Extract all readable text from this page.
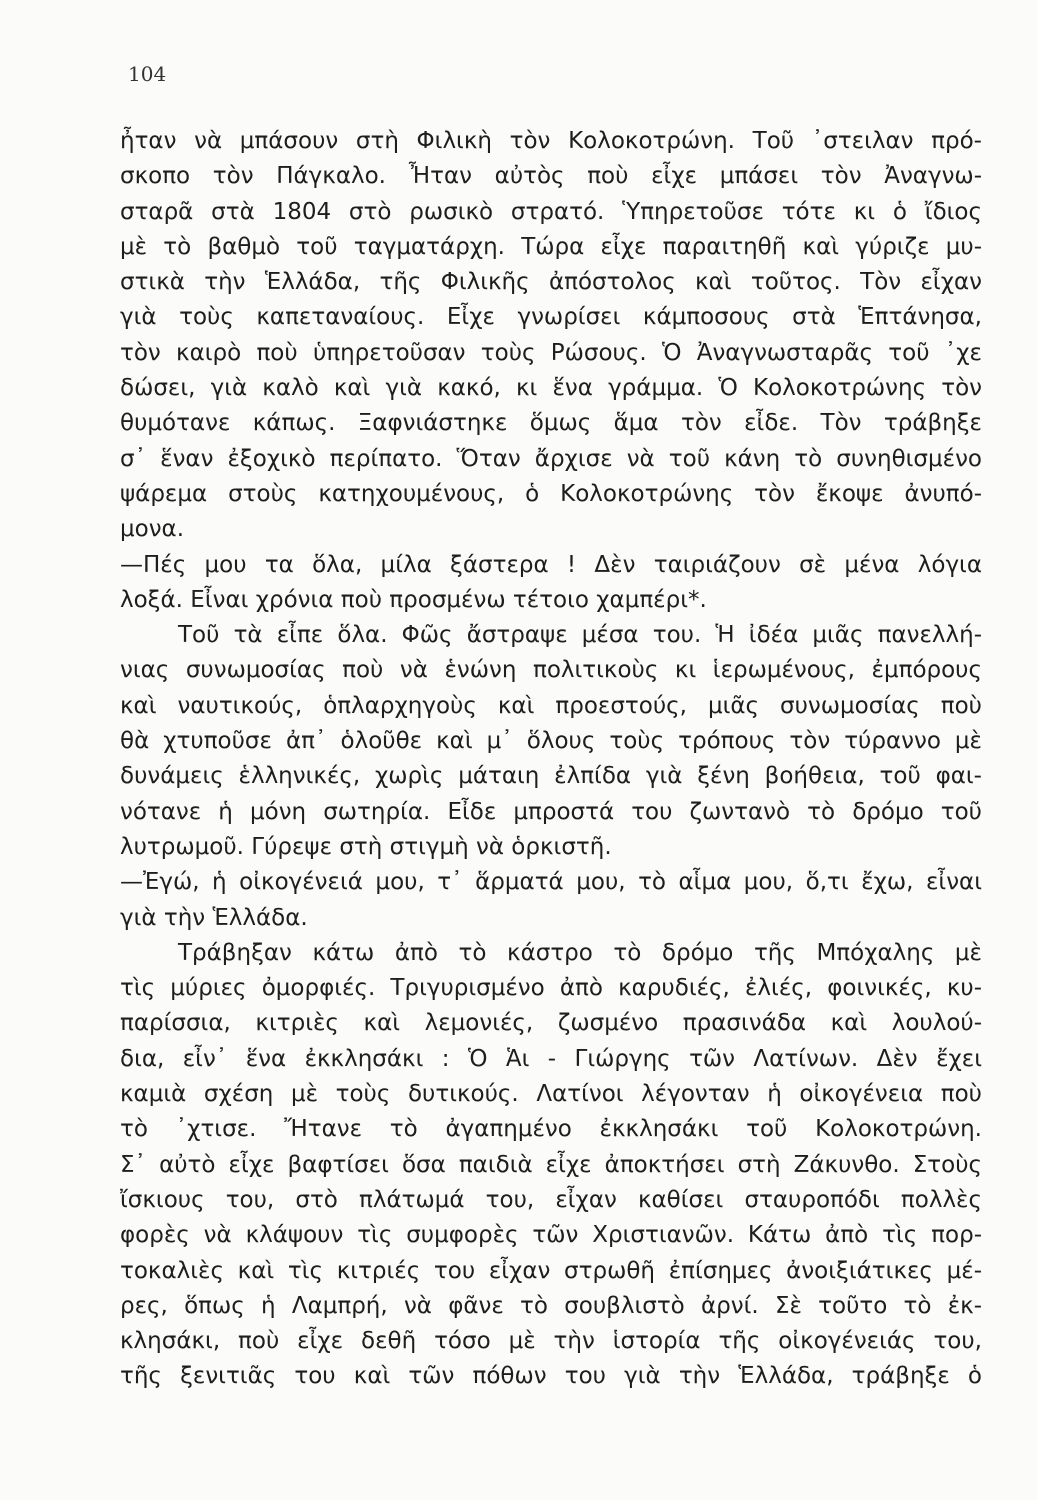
104
ἦταν νὰ μπάσουν στὴ Φιλικὴ τὸν Κολοκοτρώνη. Τοῦ ᾿στειλαν πρό-
σκοπο τὸν Πάγκαλο. Ἦταν αὐτὸς ποὺ εἶχε μπάσει τὸν Ἀναγνω-
σταρᾶ στὰ 1804 στὸ ρωσικὸ στρατό. Ὑπηρετοῦσε τότε κι ὁ ἴδιος
μὲ τὸ βαθμὸ τοῦ ταγματάρχη. Τώρα εἶχε παραιτηθῆ καὶ γύριζε μυ-
στικὰ τὴν Ἑλλάδα, τῆς Φιλικῆς ἀπόστολος καὶ τοῦτος. Τὸν εἶχαν
γιὰ τοὺς καπεταναίους. Εἶχε γνωρίσει κάμποσους στὰ Ἑπτάνησα,
τὸν καιρὸ ποὺ ὑπηρετοῦσαν τοὺς Ρώσους. Ὁ Ἀναγνωσταρᾶς τοῦ ᾿χε
δώσει, γιὰ καλὸ καὶ γιὰ κακό, κι ἕνα γράμμα. Ὁ Κολοκοτρώνης τὸν
θυμότανε κάπως. Ξαφνιάστηκε ὅμως ἅμα τὸν εἶδε. Τὸν τράβηξε
σ᾿ ἕναν ἐξοχικὸ περίπατο. Ὅταν ἄρχισε νὰ τοῦ κάνη τὸ συνηθισμένο
ψάρεμα στοὺς κατηχουμένους, ὁ Κολοκοτρώνης τὸν ἔκοψε ἀνυπό-
μονα.
—Πές μου τα ὅλα, μίλα ξάστερα ! Δὲν ταιριάζουν σὲ μένα λόγια
λοξά. Εἶναι χρόνια ποὺ προσμένω τέτοιο χαμπέρι*.
Τοῦ τὰ εἶπε ὅλα. Φῶς ἄστραψε μέσα του. Ἡ ἰδέα μιᾶς πανελλή-
νιας συνωμοσίας ποὺ νὰ ἑνώνη πολιτικοὺς κι ἱερωμένους, ἐμπόρους
καὶ ναυτικούς, ὁπλαρχηγοὺς καὶ προεστούς, μιᾶς συνωμοσίας ποὺ
θὰ χτυποῦσε ἀπ᾿ ὁλοῦθε καὶ μ᾿ ὅλους τοὺς τρόπους τὸν τύραννο μὲ
δυνάμεις ἑλληνικές, χωρὶς μάταιη ἐλπίδα γιὰ ξένη βοήθεια, τοῦ φαι-
νότανε ἡ μόνη σωτηρία. Εἶδε μπροστά του ζωντανὸ τὸ δρόμο τοῦ
λυτρωμοῦ. Γύρεψε στὴ στιγμὴ νὰ ὁρκιστῆ.
—Ἐγώ, ἡ οἰκογένειά μου, τ᾿ ἅρματά μου, τὸ αἷμα μου, ὅ,τι ἔχω, εἶναι
γιὰ τὴν Ἑλλάδα.
Τράβηξαν κάτω ἀπὸ τὸ κάστρο τὸ δρόμο τῆς Μπόχαλης μὲ
τὶς μύριες ὀμορφιές. Τριγυρισμένο ἀπὸ καρυδιές, ἐλιές, φοινικές, κυ-
παρίσσια, κιτριὲς καὶ λεμονιές, ζωσμένο πρασινάδα καὶ λουλού-
δια, εἶν᾿ ἕνα ἐκκλησάκι : Ὁ Ἁι - Γιώργης τῶν Λατίνων. Δὲν ἔχει
καμιὰ σχέση μὲ τοὺς δυτικούς. Λατίνοι λέγονταν ἡ οἰκογένεια ποὺ
τὸ ᾿χτισε. Ἤτανε τὸ ἀγαπημένο ἐκκλησάκι τοῦ Κολοκοτρώνη.
Σ᾿ αὐτὸ εἶχε βαφτίσει ὅσα παιδιὰ εἶχε ἀποκτήσει στὴ Ζάκυνθο. Στοὺς
ἴσκιους του, στὸ πλάτωμά του, εἶχαν καθίσει σταυροπόδι πολλὲς
φορὲς νὰ κλάψουν τὶς συμφορὲς τῶν Χριστιανῶν. Κάτω ἀπὸ τὶς πορ-
τοκαλιὲς καὶ τὶς κιτριές του εἶχαν στρωθῆ ἐπίσημες ἀνοιξιάτικες μέ-
ρες, ὅπως ἡ Λαμπρή, νὰ φᾶνε τὸ σουβλιστὸ ἀρνί. Σὲ τοῦτο τὸ ἐκ-
κλησάκι, ποὺ εἶχε δεθῆ τόσο μὲ τὴν ἱστορία τῆς οἰκογένειάς του,
τῆς ξενιτιᾶς του καὶ τῶν πόθων του γιὰ τὴν Ἑλλάδα, τράβηξε ὁ
